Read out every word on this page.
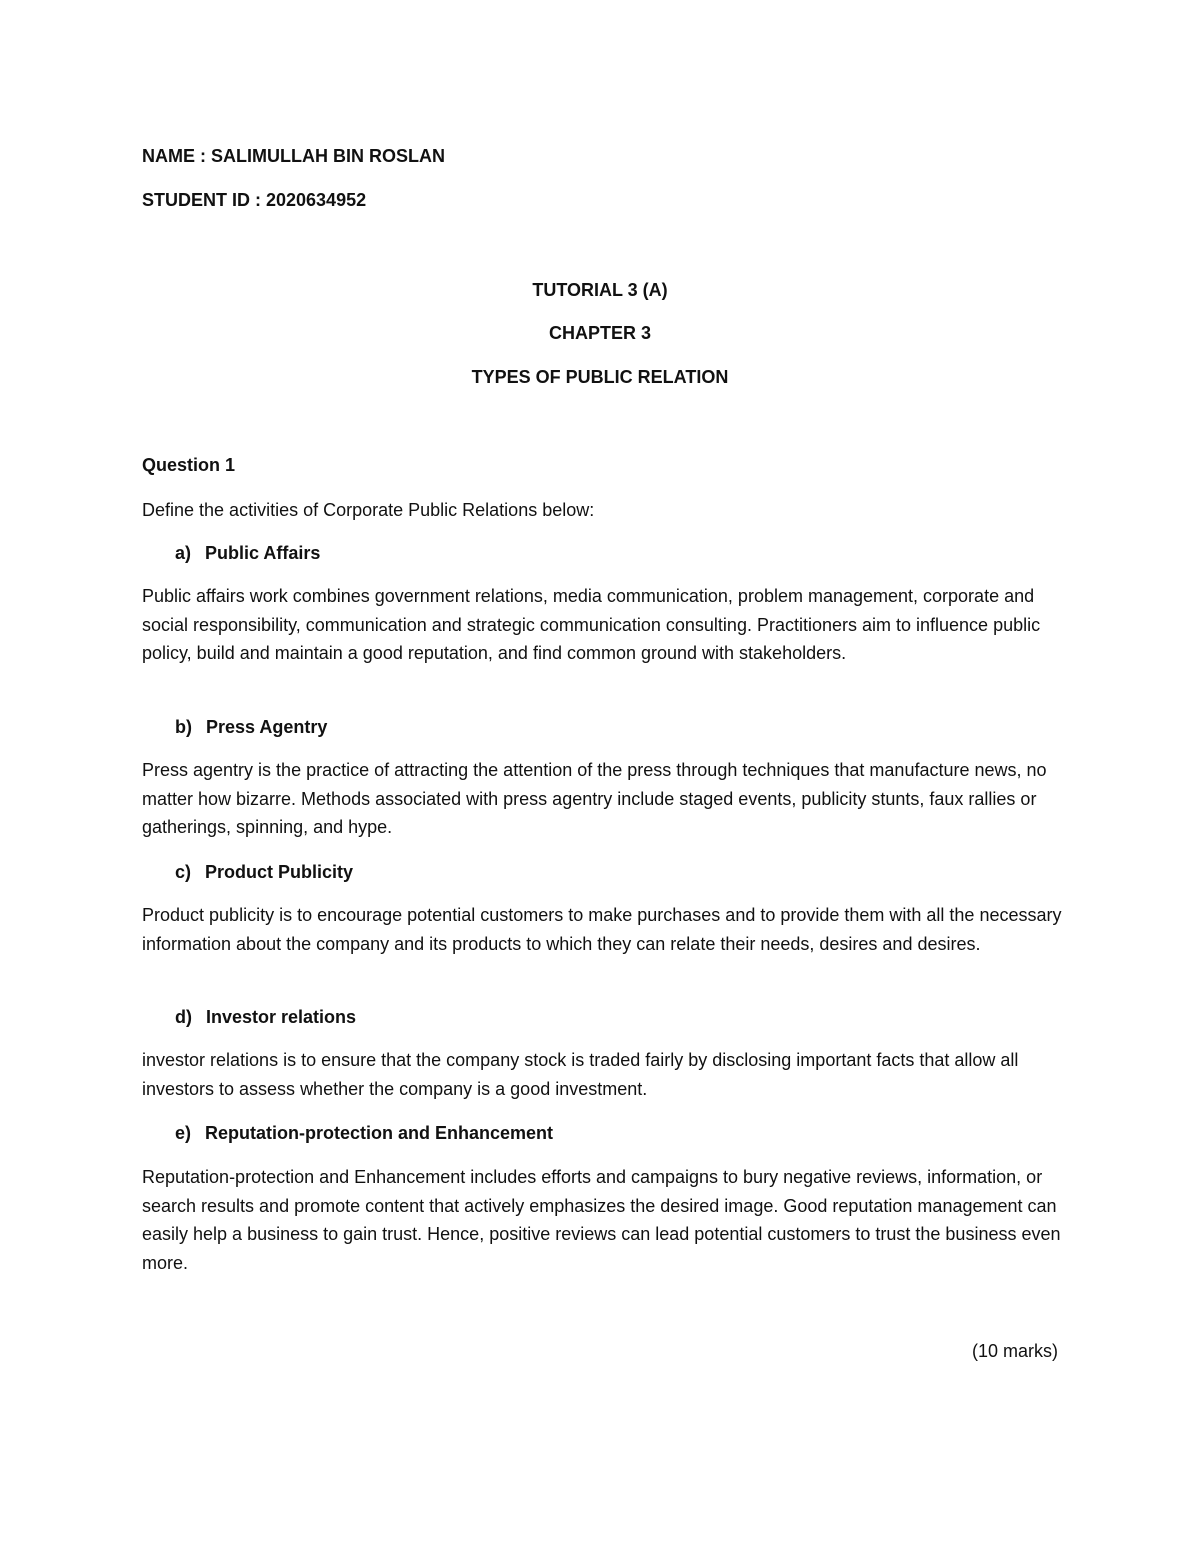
NAME : SALIMULLAH BIN ROSLAN
STUDENT ID : 2020634952
TUTORIAL 3 (A)
CHAPTER 3
TYPES OF PUBLIC RELATION
Question 1
Define the activities of Corporate Public Relations below:
a) Public Affairs
Public affairs work combines government relations, media communication, problem management, corporate and social responsibility, communication and strategic communication consulting. Practitioners aim to influence public policy, build and maintain a good reputation, and find common ground with stakeholders.
b) Press Agentry
Press agentry is the practice of attracting the attention of the press through techniques that manufacture news, no matter how bizarre. Methods associated with press agentry include staged events, publicity stunts, faux rallies or gatherings, spinning, and hype.
c) Product Publicity
Product publicity is to encourage potential customers to make purchases and to provide them with all the necessary information about the company and its products to which they can relate their needs, desires and desires.
d) Investor relations
investor relations is to ensure that the company stock is traded fairly by disclosing important facts that allow all investors to assess whether the company is a good investment.
e) Reputation-protection and Enhancement
Reputation-protection and Enhancement includes efforts and campaigns to bury negative reviews, information, or search results and promote content that actively emphasizes the desired image. Good reputation management can easily help a business to gain trust. Hence, positive reviews can lead potential customers to trust the business even more.
(10 marks)
